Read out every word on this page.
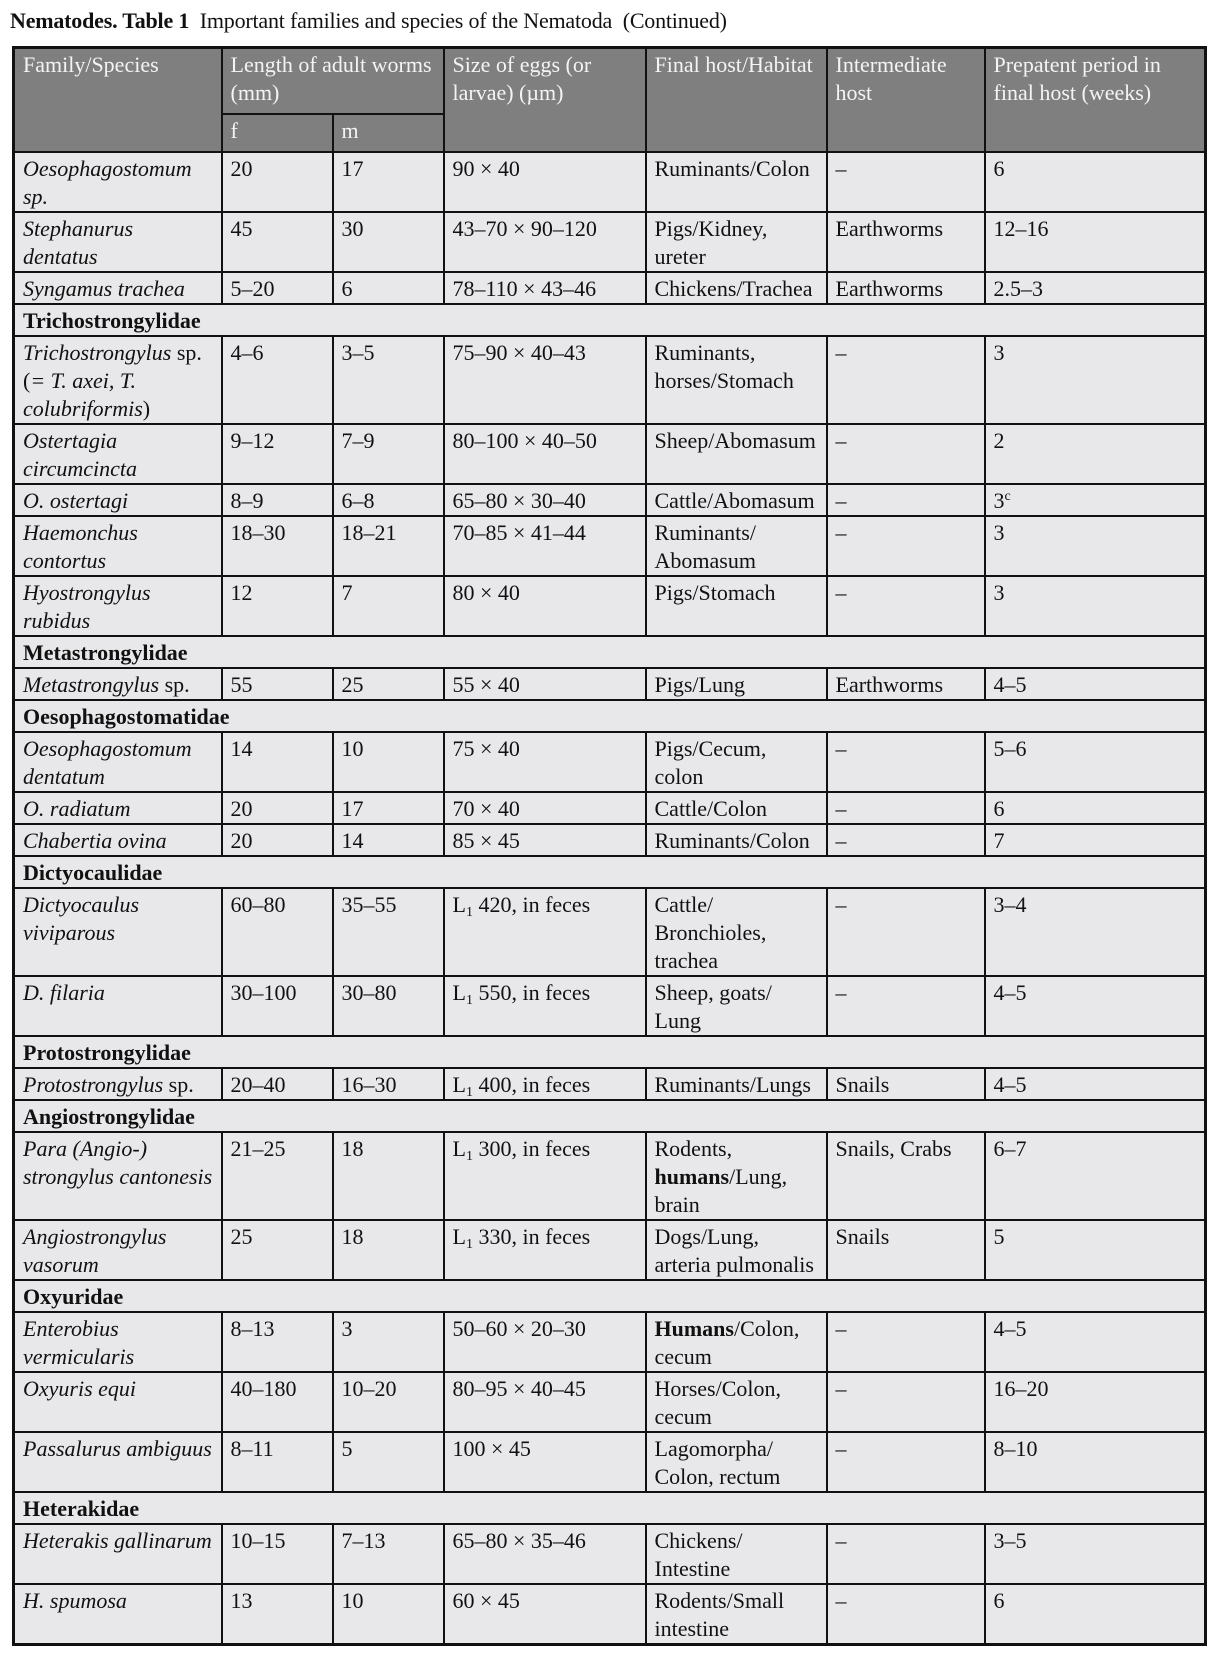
Nematodes. Table 1 Important families and species of the Nematoda (Continued)
Family/Species	Length of adult worms (mm)		Size of eggs (or larvae) (µm)	Final host/Habitat	Intermediate host	Prepatent period in final host (weeks)
	f	m				
Oesophagostomum sp.	20	17	90 × 40	Ruminants/Colon	–	6
Stephanurus dentatus	45	30	43–70 × 90–120	Pigs/Kidney, ureter	Earthworms	12–16
Syngamus trachea	5–20	6	78–110 × 43–46	Chickens/Trachea	Earthworms	2.5–3
Trichostrongylidae						
Trichostrongylus sp. (= T. axei, T. colubriformis)	4–6	3–5	75–90 × 40–43	Ruminants, horses/Stomach	–	3
Ostertagia circumcincta	9–12	7–9	80–100 × 40–50	Sheep/Abomasum	–	2
O. ostertagi	8–9	6–8	65–80 × 30–40	Cattle/Abomasum	–	3$^c$
Haemonchus contortus	18–30	18–21	70–85 × 41–44	Ruminants/ Abomasum	–	3
Hyostrongylus rubidus	12	7	80 × 40	Pigs/Stomach	–	3
Metastrongylidae						
Metastrongylus sp.	55	25	55 × 40	Pigs/Lung	Earthworms	4–5
Oesophagostomatidae						
Oesophagostomum dentatum	14	10	75 × 40	Pigs/Cecum, colon	–	5–6
O. radiatum	20	17	70 × 40	Cattle/Colon	–	6
Chabertia ovina	20	14	85 × 45	Ruminants/Colon	–	7
Dictyocaulidae						
Dictyocaulus viviparous	60–80	35–55	$L_1$ 420, in feces	Cattle/ Bronchioles, trachea	–	3–4
D. filaria	30–100	30–80	$L_1$ 550, in feces	Sheep, goats/ Lung	–	4–5
Protostrongylidae						
Protostrongylus sp.	20–40	16–30	$L_1$ 400, in feces	Ruminants/Lungs	Snails	4–5
Angiostrongylidae						
Para (Angio-) strongylus cantonesis	21–25	18	$L_1$ 300, in feces	Rodents, humans/Lung, brain	Snails, Crabs	6–7
Angiostrongylus vasorum	25	18	$L_1$ 330, in feces	Dogs/Lung, arteria pulmonalis	Snails	5
Oxyuridae						
Enterobius vermicularis	8–13	3	50–60 × 20–30	Humans/Colon, cecum	–	4–5
Oxyuris equi	40–180	10–20	80–95 × 40–45	Horses/Colon, cecum	–	16–20
Passalurus ambiguus	8–11	5	100 × 45	Lagomorpha/ Colon, rectum	–	8–10
Heterakidae						
Heterakis gallinarum	10–15	7–13	65–80 × 35–46	Chickens/ Intestine	–	3–5
H. spumosa	13	10	60 × 45	Rodents/Small intestine	–	6
